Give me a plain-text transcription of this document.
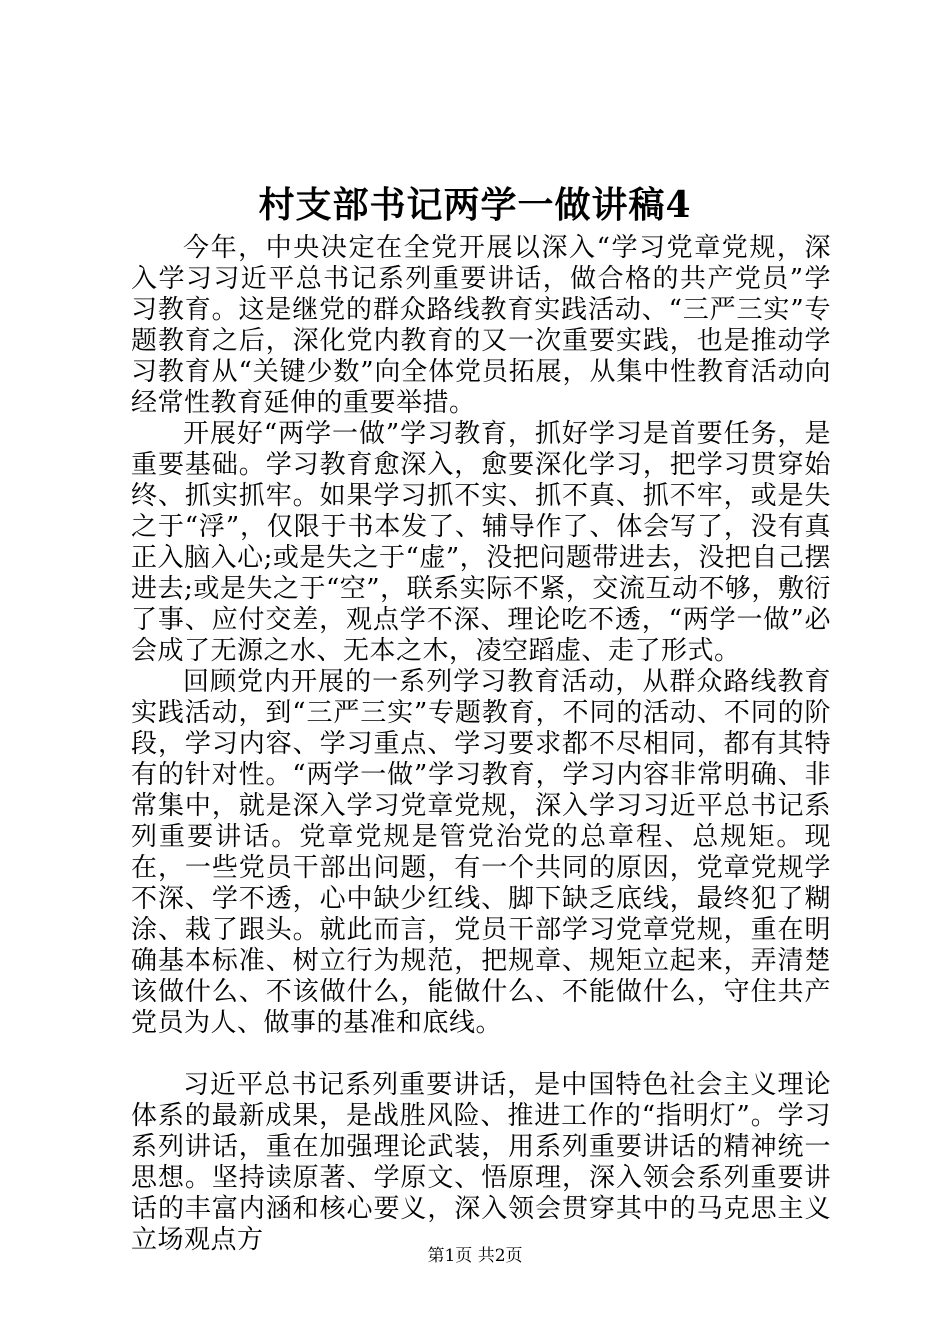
村支部书记两学一做讲稿4

今年，中央决定在全党开展以深入“学习党章党规，深入学习习近平总书记系列重要讲话，做合格的共产党员”学习教育。这是继党的群众路线教育实践活动、“三严三实”专题教育之后，深化党内教育的又一次重要实践，也是推动学习教育从“关键少数”向全体党员拓展，从集中性教育活动向经常性教育延伸的重要举措。

开展好“两学一做”学习教育，抓好学习是首要任务，是重要基础。学习教育愈深入，愈要深化学习，把学习贯穿始终、抓实抓牢。如果学习抓不实、抓不真、抓不牢，或是失之于“浮”，仅限于书本发了、辅导作了、体会写了，没有真正入脑入心;或是失之于“虚”，没把问题带进去，没把自己摆进去;或是失之于“空”，联系实际不紧，交流互动不够，敷衍了事、应付交差，观点学不深、理论吃不透，“两学一做”必会成了无源之水、无本之木，凌空蹈虚、走了形式。

回顾党内开展的一系列学习教育活动，从群众路线教育实践活动，到“三严三实”专题教育，不同的活动、不同的阶段，学习内容、学习重点、学习要求都不尽相同，都有其特有的针对性。“两学一做”学习教育，学习内容非常明确、非常集中，就是深入学习党章党规，深入学习习近平总书记系列重要讲话。党章党规是管党治党的总章程、总规矩。现在，一些党员干部出问题，有一个共同的原因，党章党规学不深、学不透，心中缺少红线、脚下缺乏底线，最终犯了糊涂、栽了跟头。就此而言，党员干部学习党章党规，重在明确基本标准、树立行为规范，把规章、规矩立起来，弄清楚该做什么、不该做什么，能做什么、不能做什么，守住共产党员为人、做事的基准和底线。

习近平总书记系列重要讲话，是中国特色社会主义理论体系的最新成果，是战胜风险、推进工作的“指明灯”。学习系列讲话，重在加强理论武装，用系列重要讲话的精神统一思想。坚持读原著、学原文、悟原理，深入领会系列重要讲话的丰富内涵和核心要义，深入领会贯穿其中的马克思主义立场观点方

第1页 共2页
